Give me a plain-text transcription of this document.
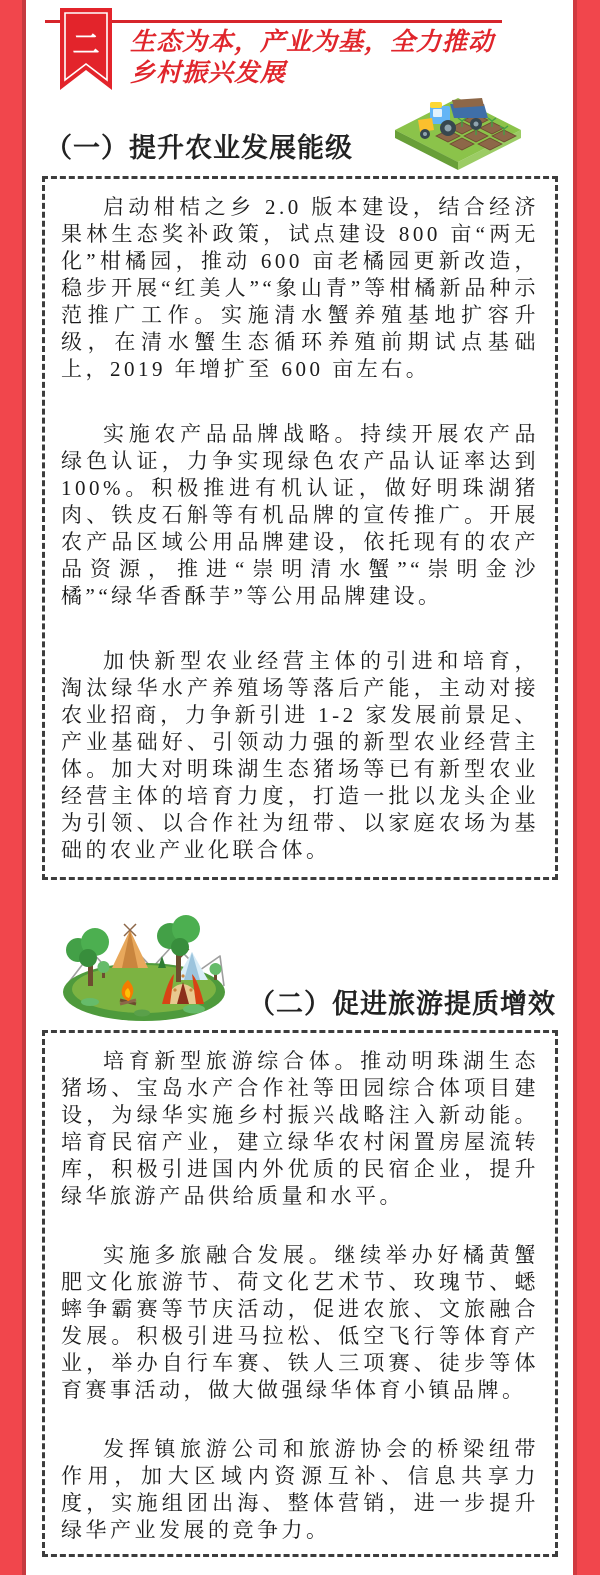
二 生态为本，产业为基，全力推动
乡村振兴发展
（一）提升农业发展能级

启动柑桔之乡 2.0 版本建设，结合经济果林生态奖补政策，试点建设 800 亩“两无化”柑橘园，推动 600 亩老橘园更新改造，稳步开展“红美人”“象山青”等柑橘新品种示范推广工作。实施清水蟹养殖基地扩容升级，在清水蟹生态循环养殖前期试点基础上，2019 年增扩至 600 亩左右。

实施农产品品牌战略。持续开展农产品绿色认证，力争实现绿色农产品认证率达到100%。积极推进有机认证，做好明珠湖猪肉、铁皮石斛等有机品牌的宣传推广。开展农产品区域公用品牌建设，依托现有的农产品资源，推进“崇明清水蟹”“崇明金沙橘”“绿华香酥芋”等公用品牌建设。

加快新型农业经营主体的引进和培育，淘汰绿华水产养殖场等落后产能，主动对接农业招商，力争新引进 1-2 家发展前景足、产业基础好、引领动力强的新型农业经营主体。加大对明珠湖生态猪场等已有新型农业经营主体的培育力度，打造一批以龙头企业为引领、以合作社为纽带、以家庭农场为基础的农业产业化联合体。

（二）促进旅游提质增效

培育新型旅游综合体。推动明珠湖生态猪场、宝岛水产合作社等田园综合体项目建设，为绿华实施乡村振兴战略注入新动能。培育民宿产业，建立绿华农村闲置房屋流转库，积极引进国内外优质的民宿企业，提升绿华旅游产品供给质量和水平。

实施多旅融合发展。继续举办好橘黄蟹肥文化旅游节、荷文化艺术节、玫瑰节、蟋蟀争霸赛等节庆活动，促进农旅、文旅融合发展。积极引进马拉松、低空飞行等体育产业，举办自行车赛、铁人三项赛、徒步等体育赛事活动，做大做强绿华体育小镇品牌。

发挥镇旅游公司和旅游协会的桥梁纽带作用，加大区域内资源互补、信息共享力度，实施组团出海、整体营销，进一步提升绿华产业发展的竞争力。
